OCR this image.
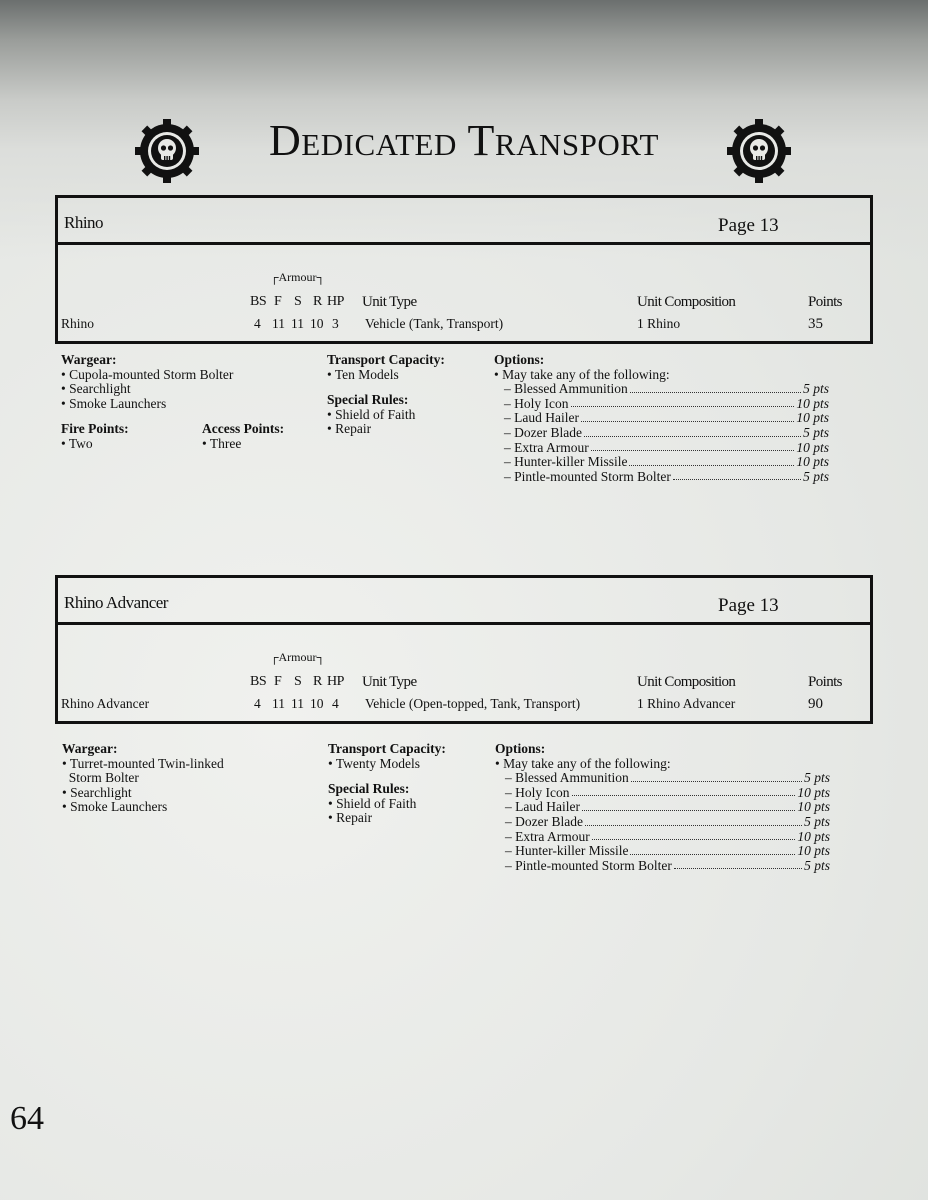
Dedicated Transport
Rhino	Page 13
┌Armour┐
BS F S R HP Unit Type	Unit Composition	Points
Rhino	4 11 11 10 3 Vehicle (Tank, Transport)	1 Rhino	35
Wargear:
• Cupola-mounted Storm Bolter
• Searchlight
• Smoke Launchers
Fire Points:
• Two
Access Points:
• Three
Transport Capacity:
• Ten Models
Special Rules:
• Shield of Faith
• Repair
Options:
• May take any of the following:
– Blessed Ammunition	5 pts
– Holy Icon	10 pts
– Laud Hailer	10 pts
– Dozer Blade	5 pts
– Extra Armour	10 pts
– Hunter-killer Missile	10 pts
– Pintle-mounted Storm Bolter	5 pts
Rhino Advancer	Page 13
┌Armour┐
BS F S R HP Unit Type	Unit Composition	Points
Rhino Advancer	4 11 11 10 4 Vehicle (Open-topped, Tank, Transport)	1 Rhino Advancer	90
Wargear:
• Turret-mounted Twin-linked
Storm Bolter
• Searchlight
• Smoke Launchers
Transport Capacity:
• Twenty Models
Special Rules:
• Shield of Faith
• Repair
Options:
• May take any of the following:
– Blessed Ammunition	5 pts
– Holy Icon	10 pts
– Laud Hailer	10 pts
– Dozer Blade	5 pts
– Extra Armour	10 pts
– Hunter-killer Missile	10 pts
– Pintle-mounted Storm Bolter	5 pts
64
